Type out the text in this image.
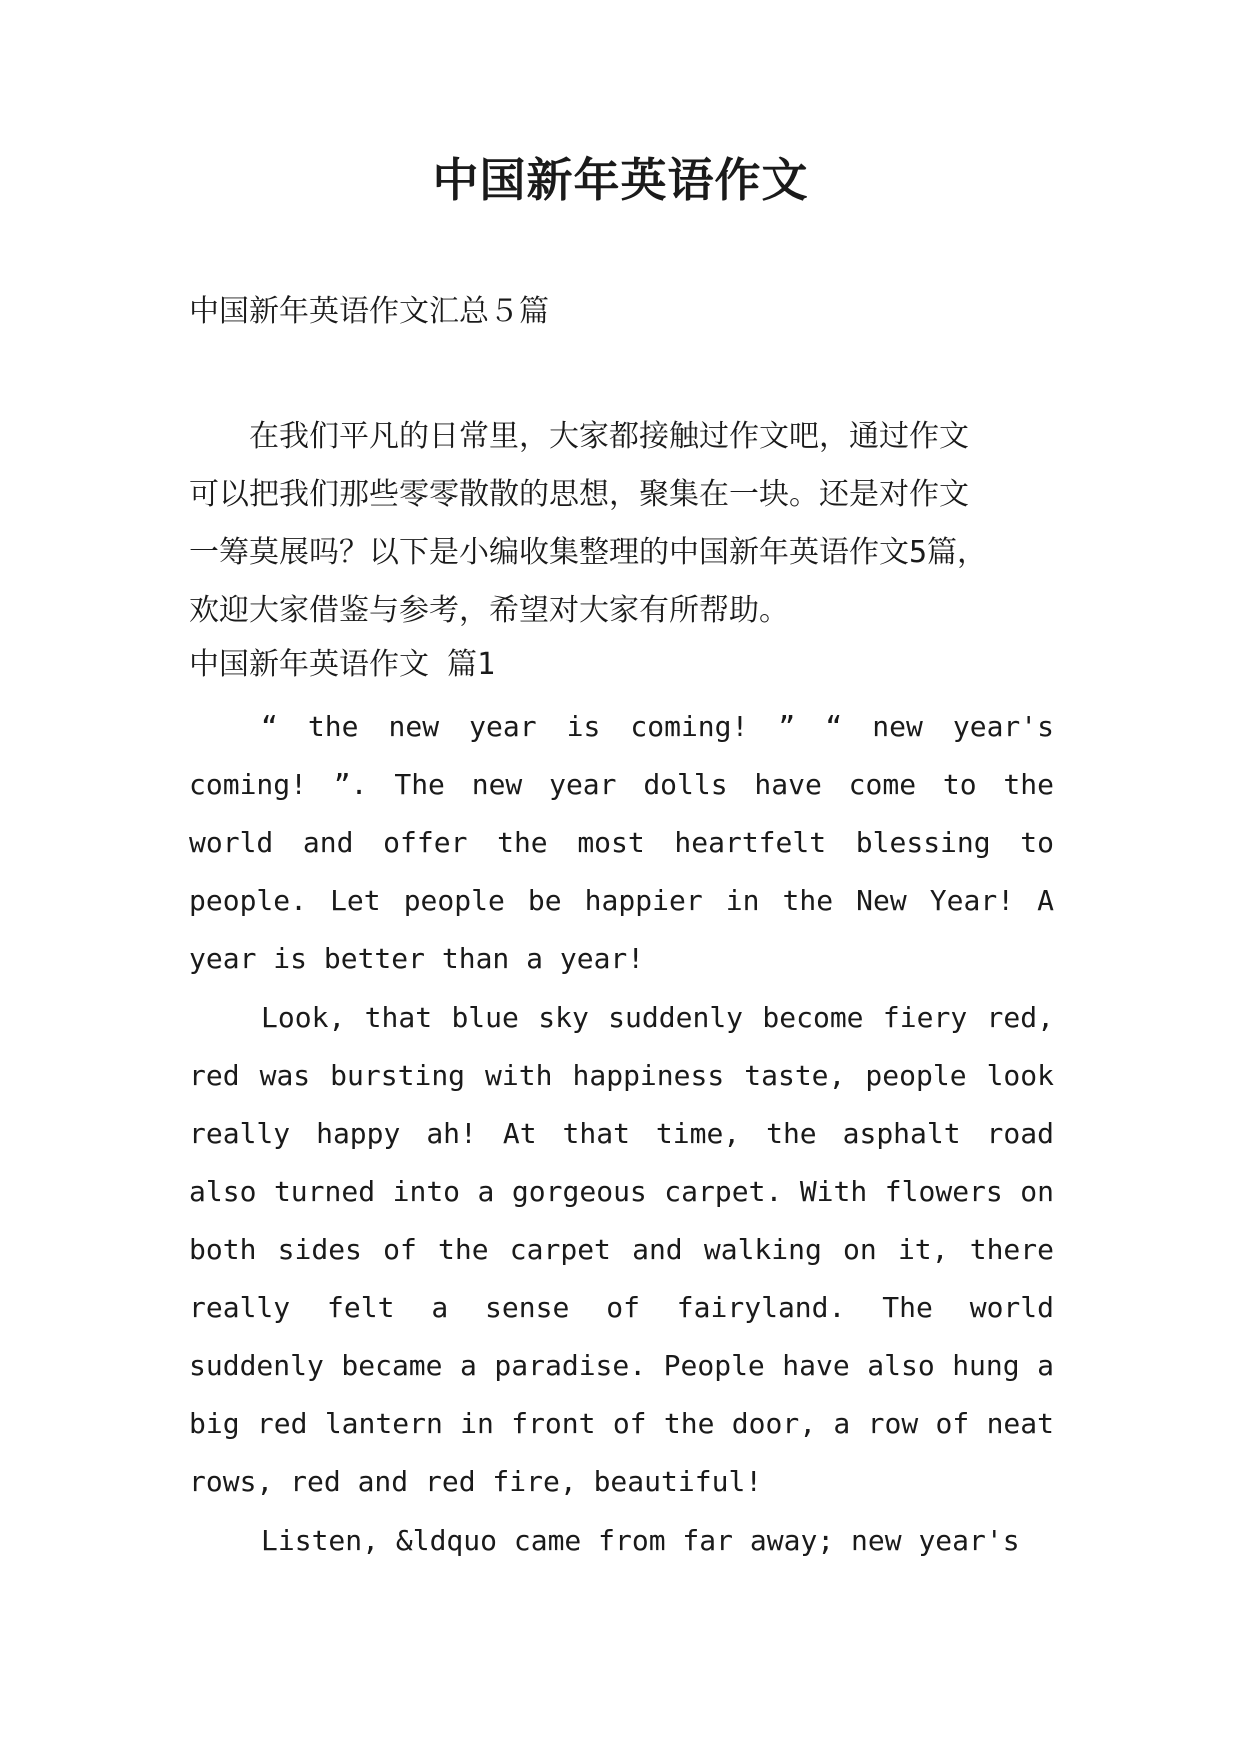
中国新年英语作文

中国新年英语作文汇总５篇

在我们平凡的日常里，大家都接触过作文吧，通过作文
可以把我们那些零零散散的思想，聚集在一块。还是对作文
一筹莫展吗？以下是小编收集整理的中国新年英语作文5篇，
欢迎大家借鉴与参考，希望对大家有所帮助。

中国新年英语作文 篇1

“ the new year is coming! ” “ new year's coming! ”. The new year dolls have come to the world and offer the most heartfelt blessing to people. Let people be happier in the New Year! A year is better than a year!

Look, that blue sky suddenly become fiery red, red was bursting with happiness taste, people look really happy ah! At that time, the asphalt road also turned into a gorgeous carpet. With flowers on both sides of the carpet and walking on it, there really felt a sense of fairyland. The world suddenly became a paradise. People have also hung a big red lantern in front of the door, a row of neat rows, red and red fire, beautiful!

Listen, &ldquo came from far away; new year's
